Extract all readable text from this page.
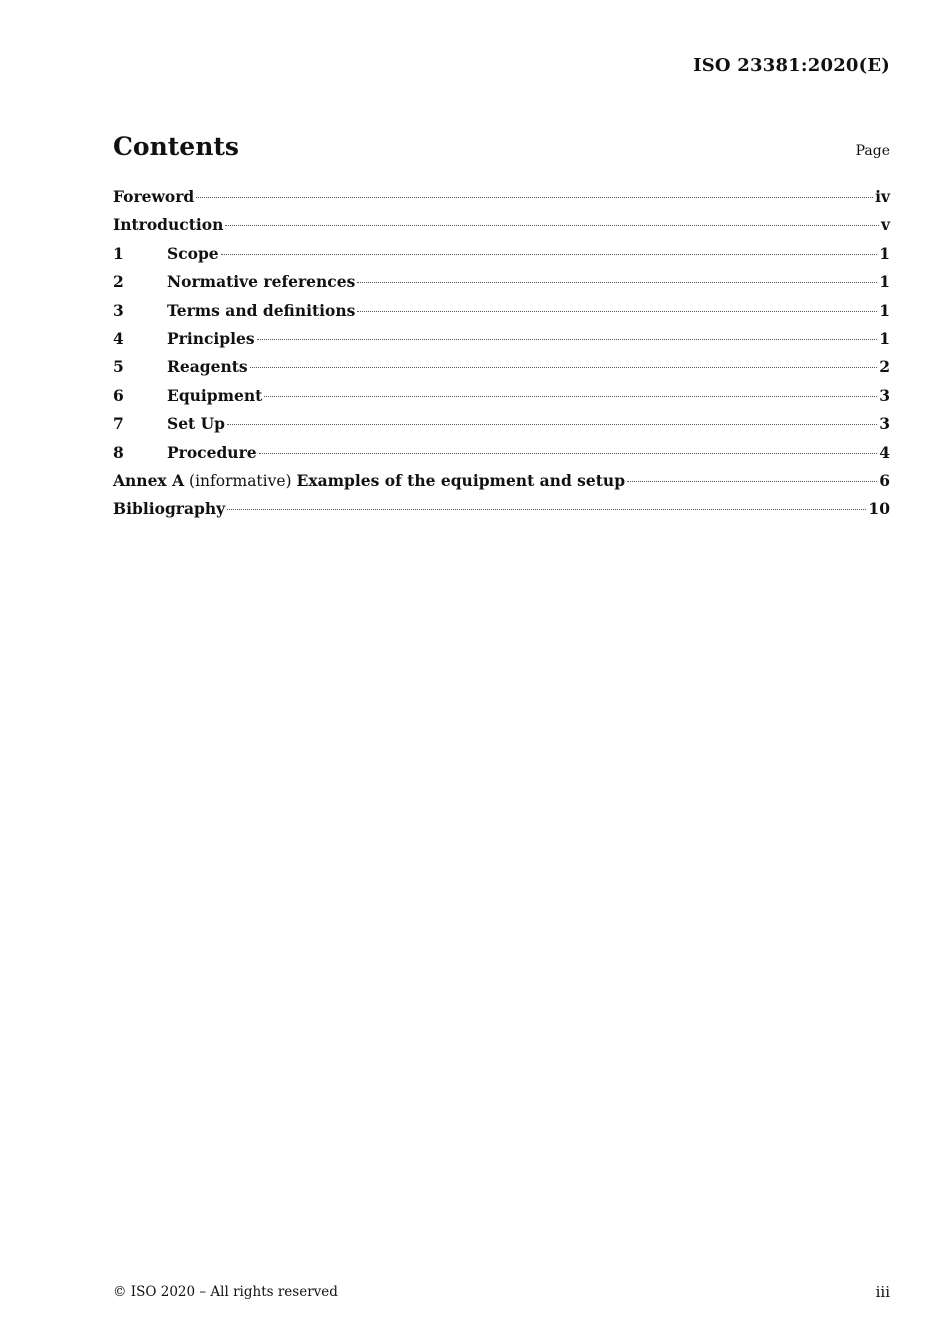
ISO 23381:2020(E)
Contents	Page
Foreword	iv
Introduction	v
1	Scope	1
2	Normative references	1
3	Terms and definitions	1
4	Principles	1
5	Reagents	2
6	Equipment	3
7	Set Up	3
8	Procedure	4
Annex A (informative) Examples of the equipment and setup	6
Bibliography	10
© ISO 2020 – All rights reserved	iii
